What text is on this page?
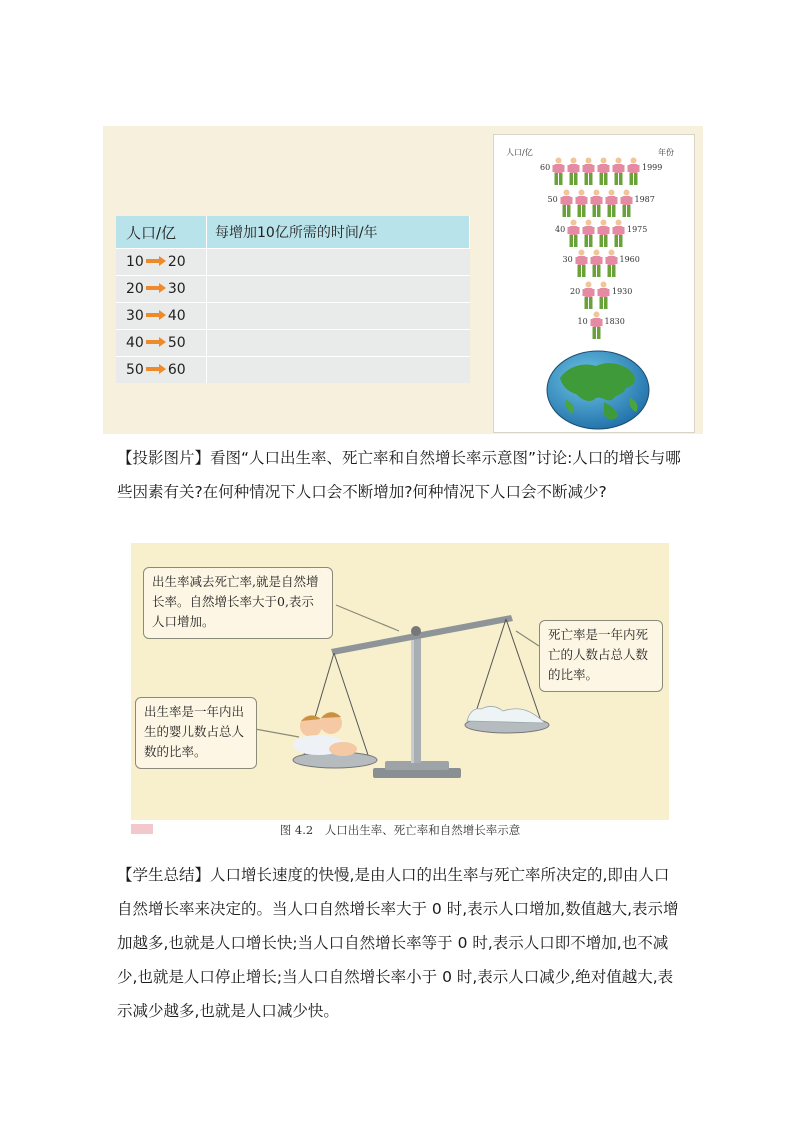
人口/亿	每增加10亿所需的时间/年
10 20	
20 30	
30 40	
40 50	
50 60	
人口/亿	年份
60	1999
50	1987
40	1975
30	1960
20	1930
10 1830

【投影图片】看图“人口出生率、死亡率和自然增长率示意图”讨论:人口的增长与哪些因素有关?在何种情况下人口会不断增加?何种情况下人口会不断减少?

出生率减去死亡率,就是自然增长率。自然增长率大于0,表示人口增加。
死亡率是一年内死亡的人数占总人数的比率。
出生率是一年内出生的婴儿数占总人数的比率。
图 4.2　人口出生率、死亡率和自然增长率示意

【学生总结】人口增长速度的快慢,是由人口的出生率与死亡率所决定的,即由人口自然增长率来决定的。当人口自然增长率大于 0 时,表示人口增加,数值越大,表示增加越多,也就是人口增长快;当人口自然增长率等于 0 时,表示人口即不增加,也不减少,也就是人口停止增长;当人口自然增长率小于 0 时,表示人口减少,绝对值越大,表示减少越多,也就是人口减少快。
